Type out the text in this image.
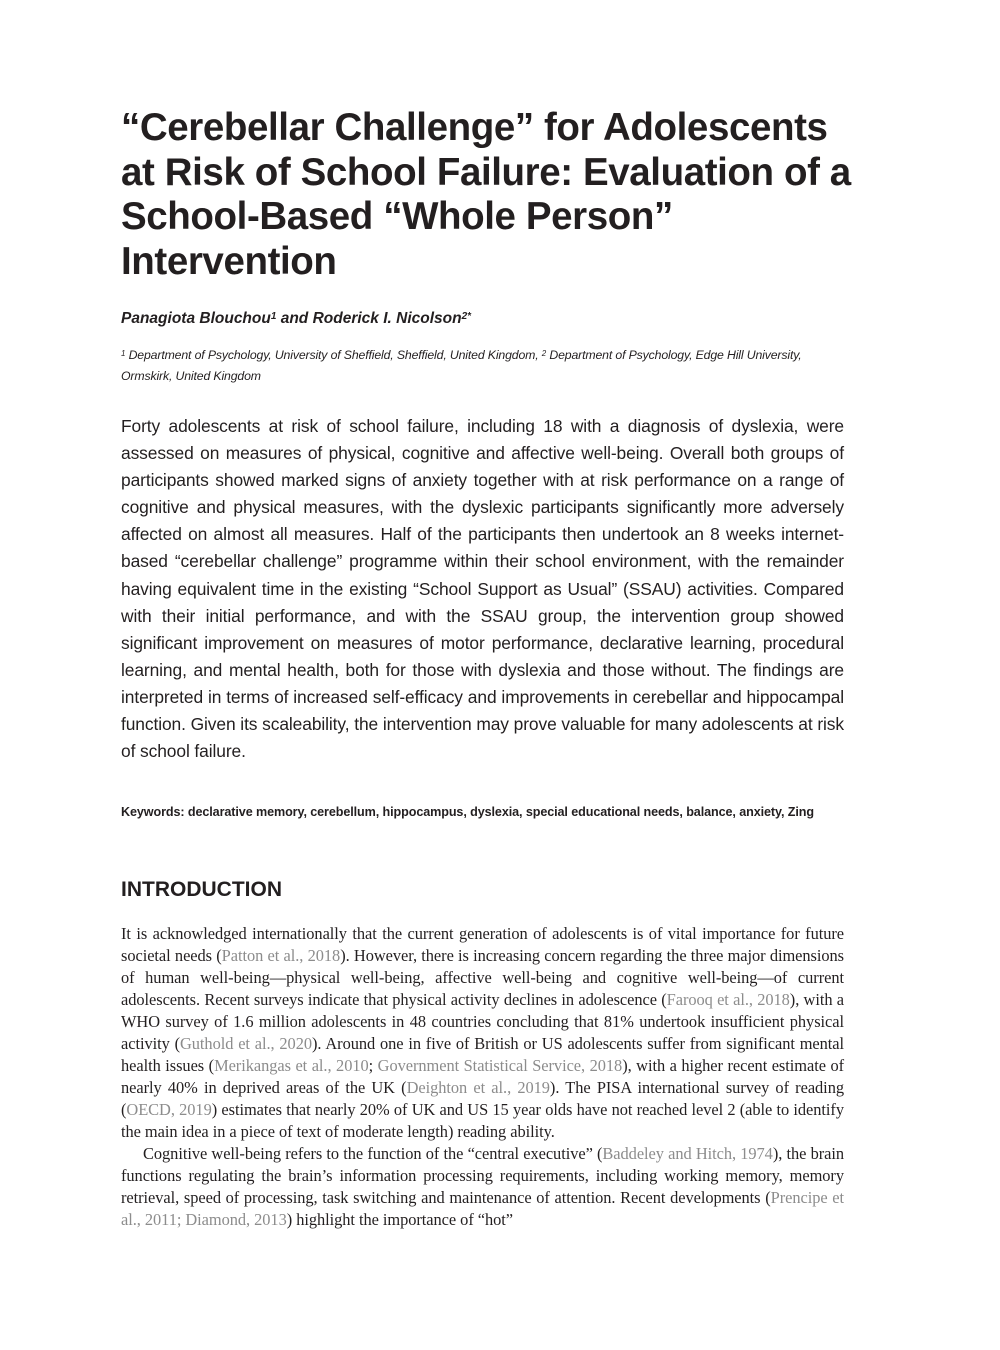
“Cerebellar Challenge” for Adolescents at Risk of School Failure: Evaluation of a School-Based “Whole Person” Intervention

Panagiota Blouchou$^1$ and Roderick I. Nicolson$^{2*}$

$^1$ Department of Psychology, University of Sheffield, Sheffield, United Kingdom, $^2$ Department of Psychology, Edge Hill University, Ormskirk, United Kingdom

Forty adolescents at risk of school failure, including 18 with a diagnosis of dyslexia, were assessed on measures of physical, cognitive and affective well-being. Overall both groups of participants showed marked signs of anxiety together with at risk performance on a range of cognitive and physical measures, with the dyslexic participants significantly more adversely affected on almost all measures. Half of the participants then undertook an 8 weeks internet-based “cerebellar challenge” programme within their school environment, with the remainder having equivalent time in the existing “School Support as Usual” (SSAU) activities. Compared with their initial performance, and with the SSAU group, the intervention group showed significant improvement on measures of motor performance, declarative learning, procedural learning, and mental health, both for those with dyslexia and those without. The findings are interpreted in terms of increased self-efficacy and improvements in cerebellar and hippocampal function. Given its scaleability, the intervention may prove valuable for many adolescents at risk of school failure.

Keywords: declarative memory, cerebellum, hippocampus, dyslexia, special educational needs, balance, anxiety, Zing

INTRODUCTION

It is acknowledged internationally that the current generation of adolescents is of vital importance for future societal needs (Patton et al., 2018). However, there is increasing concern regarding the three major dimensions of human well-being—physical well-being, affective well-being and cognitive well-being—of current adolescents. Recent surveys indicate that physical activity declines in adolescence (Farooq et al., 2018), with a WHO survey of 1.6 million adolescents in 48 countries concluding that 81% undertook insufficient physical activity (Guthold et al., 2020). Around one in five of British or US adolescents suffer from significant mental health issues (Merikangas et al., 2010; Government Statistical Service, 2018), with a higher recent estimate of nearly 40% in deprived areas of the UK (Deighton et al., 2019). The PISA international survey of reading (OECD, 2019) estimates that nearly 20% of UK and US 15 year olds have not reached level 2 (able to identify the main idea in a piece of text of moderate length) reading ability.

Cognitive well-being refers to the function of the “central executive” (Baddeley and Hitch, 1974), the brain functions regulating the brain’s information processing requirements, including working memory, memory retrieval, speed of processing, task switching and maintenance of attention. Recent developments (Prencipe et al., 2011; Diamond, 2013) highlight the importance of “hot”
